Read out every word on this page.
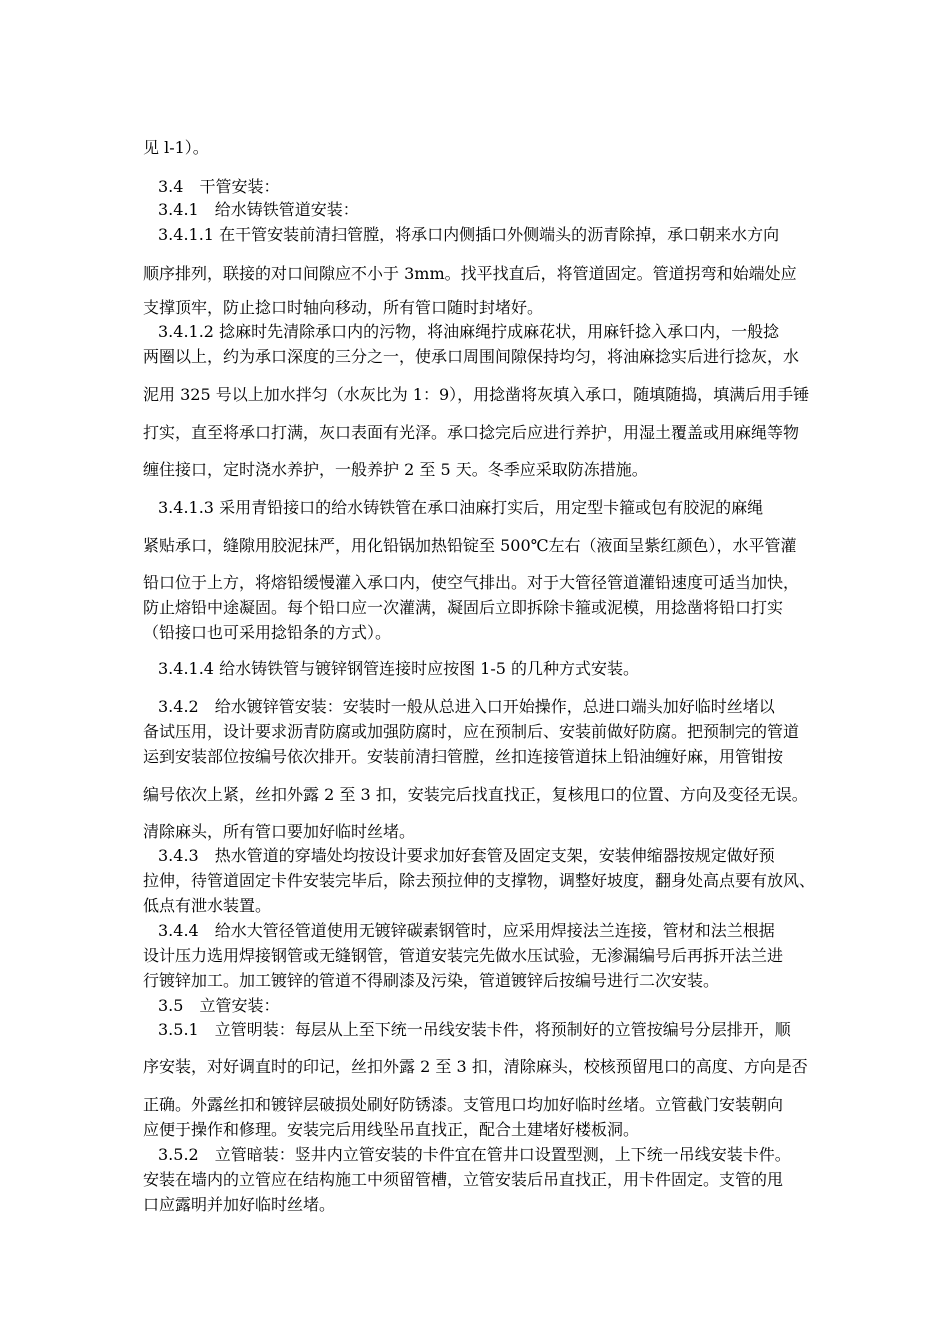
见 l-1）。
3.4　干管安装：
3.4.1　给水铸铁管道安装：
3.4.1.1 在干管安装前清扫管膛，将承口内侧插口外侧端头的沥青除掉，承口朝来水方向
顺序排列，联接的对口间隙应不小于 3mm。找平找直后，将管道固定。管道拐弯和始端处应
支撑顶牢，防止捻口时轴向移动，所有管口随时封堵好。
3.4.1.2 捻麻时先清除承口内的污物，将油麻绳拧成麻花状，用麻钎捻入承口内，一般捻
两圈以上，约为承口深度的三分之一，使承口周围间隙保持均匀，将油麻捻实后进行捻灰，水
泥用 325 号以上加水拌匀（水灰比为 1：9），用捻凿将灰填入承口，随填随捣，填满后用手锤
打实，直至将承口打满，灰口表面有光泽。承口捻完后应进行养护，用湿土覆盖或用麻绳等物
缠住接口，定时浇水养护，一般养护 2 至 5 天。冬季应采取防冻措施。
3.4.1.3 采用青铅接口的给水铸铁管在承口油麻打实后，用定型卡箍或包有胶泥的麻绳
紧贴承口，缝隙用胶泥抹严，用化铅锅加热铅锭至 500℃左右（液面呈紫红颜色），水平管灌
铅口位于上方，将熔铅缓慢灌入承口内，使空气排出。对于大管径管道灌铅速度可适当加快，
防止熔铅中途凝固。每个铅口应一次灌满，凝固后立即拆除卡箍或泥模，用捻凿将铅口打实
（铅接口也可采用捻铅条的方式）。
3.4.1.4 给水铸铁管与镀锌钢管连接时应按图 1-5 的几种方式安装。
3.4.2　给水镀锌管安装：安装时一般从总进入口开始操作，总进口端头加好临时丝堵以
备试压用，设计要求沥青防腐或加强防腐时，应在预制后、安装前做好防腐。把预制完的管道
运到安装部位按编号依次排开。安装前清扫管膛，丝扣连接管道抹上铅油缠好麻，用管钳按
编号依次上紧，丝扣外露 2 至 3 扣，安装完后找直找正，复核甩口的位置、方向及变径无误。
清除麻头，所有管口要加好临时丝堵。
3.4.3　热水管道的穿墙处均按设计要求加好套管及固定支架，安装伸缩器按规定做好预
拉伸，待管道固定卡件安装完毕后，除去预拉伸的支撑物，调整好坡度，翻身处高点要有放风、
低点有泄水装置。
3.4.4　给水大管径管道使用无镀锌碳素钢管时，应采用焊接法兰连接，管材和法兰根据
设计压力选用焊接钢管或无缝钢管，管道安装完先做水压试验，无渗漏编号后再拆开法兰进
行镀锌加工。加工镀锌的管道不得刷漆及污染，管道镀锌后按编号进行二次安装。
3.5　立管安装：
3.5.1　立管明装：每层从上至下统一吊线安装卡件，将预制好的立管按编号分层排开，顺
序安装，对好调直时的印记，丝扣外露 2 至 3 扣，清除麻头，校核预留甩口的高度、方向是否
正确。外露丝扣和镀锌层破损处刷好防锈漆。支管甩口均加好临时丝堵。立管截门安装朝向
应便于操作和修理。安装完后用线坠吊直找正，配合土建堵好楼板洞。
3.5.2　立管暗装：竖井内立管安装的卡件宜在管井口设置型测，上下统一吊线安装卡件。
安装在墙内的立管应在结构施工中须留管槽，立管安装后吊直找正，用卡件固定。支管的甩
口应露明并加好临时丝堵。
